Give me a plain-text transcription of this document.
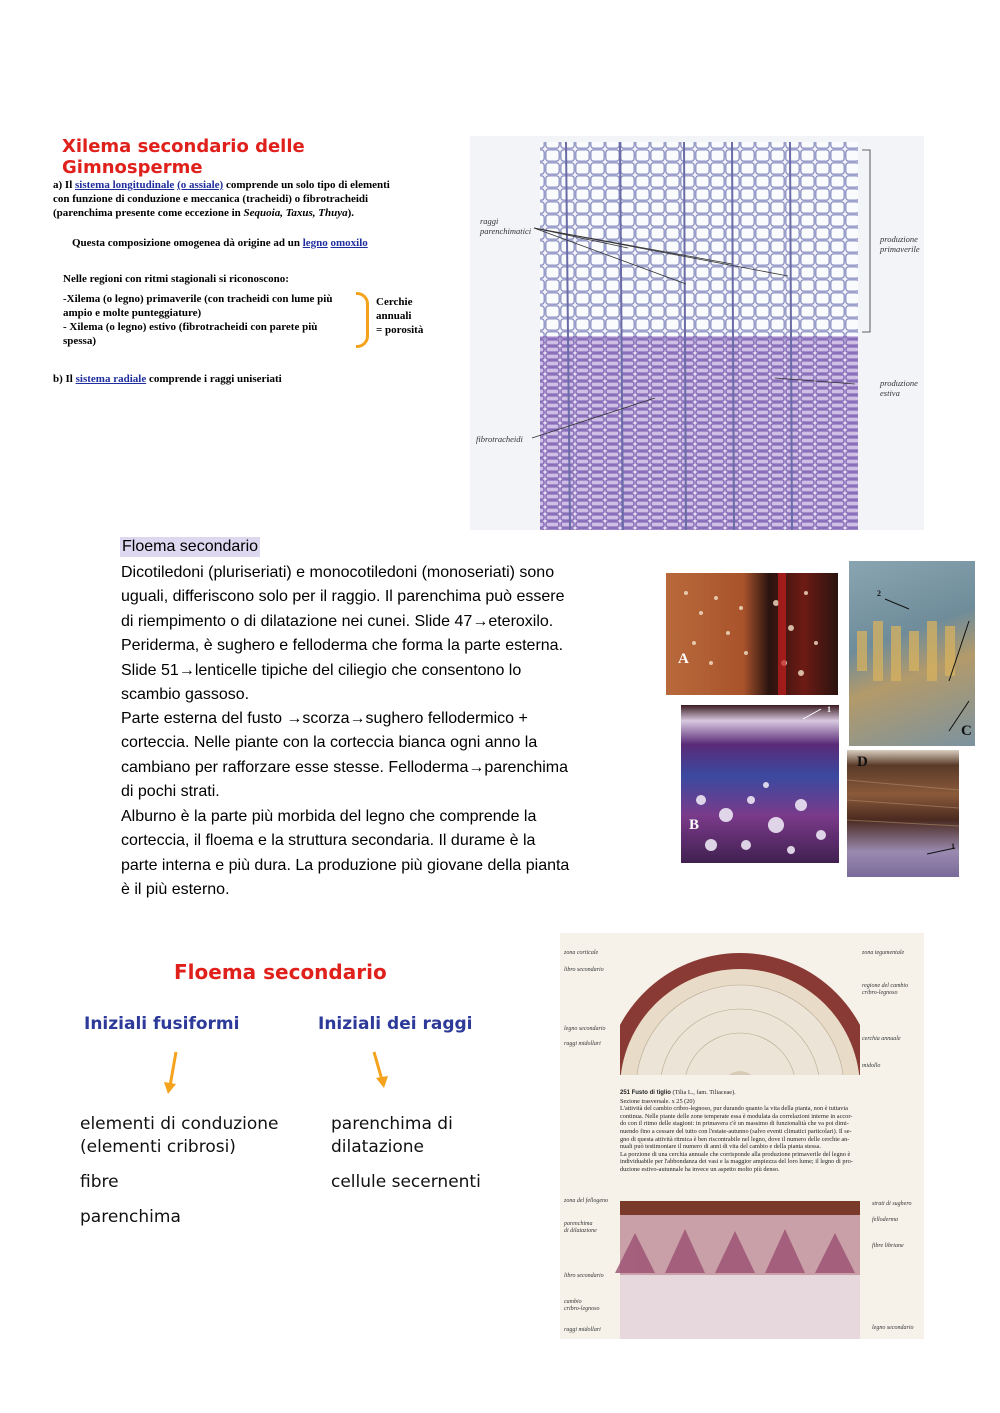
Xilema secondario delle Gimnosperme
a) Il sistema longitudinale (o assiale) comprende un solo tipo di elementi
con funzione di conduzione e meccanica (tracheidi) o fibrotracheidi
(parenchima presente come eccezione in Sequoia, Taxus, Thuya).
Questa composizione omogenea dà origine ad un legno omoxilo
Nelle regioni con ritmi stagionali si riconoscono:
-Xilema (o legno) primaverile (con tracheidi con lume più
ampio e molte punteggiature)
- Xilema (o legno) estivo (fibrotracheidi con parete più
spessa)
Cerchie
annuali
= porosità
b) Il sistema radiale comprende i raggi uniseriati
raggi
parenchimatici
produzione
primaverile
produzione
estiva
fibrotracheidi
Floema secondario
Dicotiledoni (pluriseriati) e monocotiledoni (monoseriati) sono
uguali, differiscono solo per il raggio. Il parenchima può essere
di riempimento o di dilatazione nei cunei. Slide 47→eteroxilo.
Periderma, è sughero e felloderma che forma la parte esterna.
Slide 51→lenticelle tipiche del ciliegio che consentono lo
scambio gassoso.
Parte esterna del fusto →scorza→sughero fellodermico +
corteccia. Nelle piante con la corteccia bianca ogni anno la
cambiano per rafforzare esse stesse. Felloderma→parenchima
di pochi strati.
Alburno è la parte più morbida del legno che comprende la
corteccia, il floema e la struttura secondaria. Il durame è la
parte interna e più dura. La produzione più giovane della pianta
è il più esterno.
A
2
C
1
B
D
1
Floema secondario
Iniziali fusiformi	Iniziali dei raggi
elementi di conduzione
(elementi cribrosi)
fibre
parenchima
parenchima di
dilatazione
cellule secernenti
zona corticale
libro secondario
legno secondario
raggi midollari
zona tegumentale
regione del cambio
cribro-legnoso
cerchia annuale
midollo
251 Fusto di tiglio (Tilia L., fam. Tiliaceae).
Sezione trasversale. x 25 (20)
L'attività del cambio cribro-legnoso, pur durando quanto la vita della pianta, non è tuttavia
continua. Nelle piante delle zone temperate essa è modulata da correlazioni interne in accor-
do con il ritmo delle stagioni: in primavera c'è un massimo di funzionalità che va poi dimi-
nuendo fino a cessare del tutto con l'estate-autunno (salvo eventi climatici particolari). Il se-
gno di questa attività ritmica è ben riscontrabile nel legno, dove il numero delle cerchie an-
nuali può testimoniare il numero di anni di vita del cambio e della pianta stessa.
La porzione di una cerchia annuale che corrisponde alla produzione primaverile del legno è
individuabile per l'abbondanza dei vasi e la maggior ampiezza del loro lume; il legno di pro-
duzione estivo-autunnale ha invece un aspetto molto più denso.
zona del fellogeno
parenchima
di dilatazione
libro secondario
cambio
cribro-legnoso
raggi midollari
strati di sughero
felloderma
fibre libriane
legno secondario
